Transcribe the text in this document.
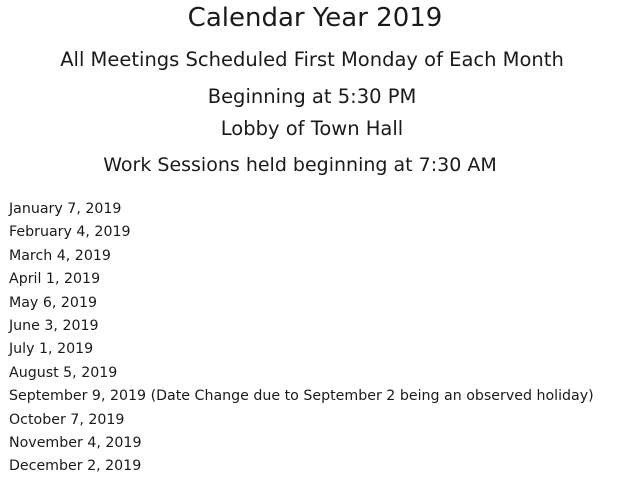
Calendar Year 2019
All Meetings Scheduled First Monday of Each Month
Beginning at 5:30 PM
Lobby of Town Hall
Work Sessions held beginning at 7:30 AM
January 7, 2019
February 4, 2019
March 4, 2019
April 1, 2019
May 6, 2019
June 3, 2019
July 1, 2019
August 5, 2019
September 9, 2019 (Date Change due to September 2 being an observed holiday)
October 7, 2019
November 4, 2019
December 2, 2019
